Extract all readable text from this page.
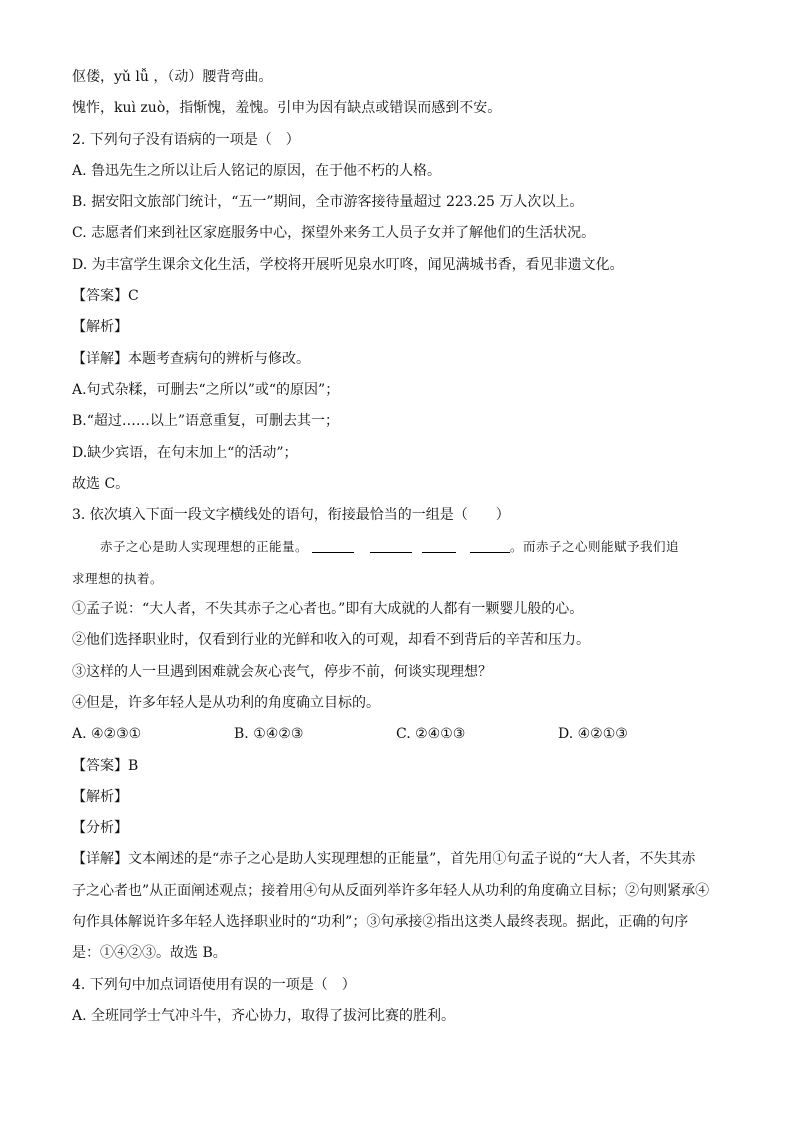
伛偻，yǔ lǚ ，（动）腰背弯曲。
愧怍，kuì zuò，指惭愧，羞愧。引申为因有缺点或错误而感到不安。
2. 下列句子没有语病的一项是（　）
A. 鲁迅先生之所以让后人铭记的原因，在于他不朽的人格。
B. 据安阳文旅部门统计，“五一”期间，全市游客接待量超过 223.25 万人次以上。
C. 志愿者们来到社区家庭服务中心，探望外来务工人员子女并了解他们的生活状况。
D. 为丰富学生课余文化生活，学校将开展听见泉水叮咚，闻见满城书香，看见非遗文化。
【答案】C
【解析】
【详解】本题考查病句的辨析与修改。
A.句式杂糅，可删去“之所以”或“的原因”；
B.“超过……以上”语意重复，可删去其一；
D.缺少宾语，在句末加上“的活动”；
故选 C。
3. 依次填入下面一段文字横线处的语句，衔接最恰当的一组是（　　）
赤子之心是助人实现理想的正能量。	。而赤子之心则能赋予我们追
求理想的执着。
①孟子说：“大人者，不失其赤子之心者也。”即有大成就的人都有一颗婴儿般的心。
②他们选择职业时，仅看到行业的光鲜和收入的可观，却看不到背后的辛苦和压力。
③这样的人一旦遇到困难就会灰心丧气，停步不前，何谈实现理想？
④但是，许多年轻人是从功利的角度确立目标的。
A. ④②③①	B. ①④②③	C. ②④①③	D. ④②①③
【答案】B
【解析】
【分析】
【详解】文本阐述的是“赤子之心是助人实现理想的正能量”，首先用①句孟子说的“大人者，不失其赤
子之心者也”从正面阐述观点；接着用④句从反面列举许多年轻人从功利的角度确立目标；②句则紧承④
句作具体解说许多年轻人选择职业时的“功利”；③句承接②指出这类人最终表现。据此，正确的句序
是：①④②③。故选 B。
4. 下列句中加点词语使用有误的一项是（　）
A. 全班同学士气冲斗牛，齐心协力，取得了拔河比赛的胜利。
